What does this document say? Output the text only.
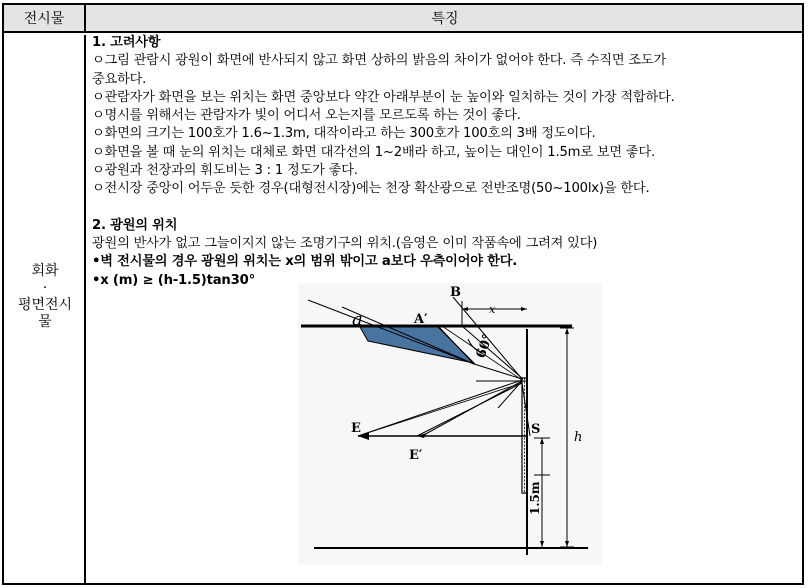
전시물	특징
회화
·
평면전시
물

1. 고려사항

ㅇ그림 관람시 광원이 화면에 반사되지 않고 화면 상하의 밝음의 차이가 없어야 한다. 즉 수직면 조도가

중요하다.

ㅇ관람자가 화면을 보는 위치는 화면 중앙보다 약간 아래부분이 눈 높이와 일치하는 것이 가장 적합하다.

ㅇ명시를 위해서는 관람자가 빛이 어디서 오는지를 모르도록 하는 것이 좋다.

ㅇ화면의 크기는 100호가 1.6~1.3m, 대작이라고 하는 300호가 100호의 3배 정도이다.

ㅇ화면을 볼 때 눈의 위치는 대체로 화면 대각선의 1~2배라 하고, 높이는 대인이 1.5m로 보면 좋다.

ㅇ광원과 천장과의 휘도비는 3 : 1 정도가 좋다.

ㅇ전시장 중앙이 어두운 듯한 경우(대형전시장)에는 천장 확산광으로 전반조명(50~100lx)을 한다.

2. 광원의 위치

광원의 반사가 없고 그늘이지지 않는 조명기구의 위치.(음영은 이미 작품속에 그려져 있다)

•벽 전시물의 경우 광원의 위치는 x의 범위 밖이고 a보다 우측이어야 한다.

•x (m) ≥ (h-1.5)tan30°

a	A′
B
x
60°
E
E′
S
h
1.5m
